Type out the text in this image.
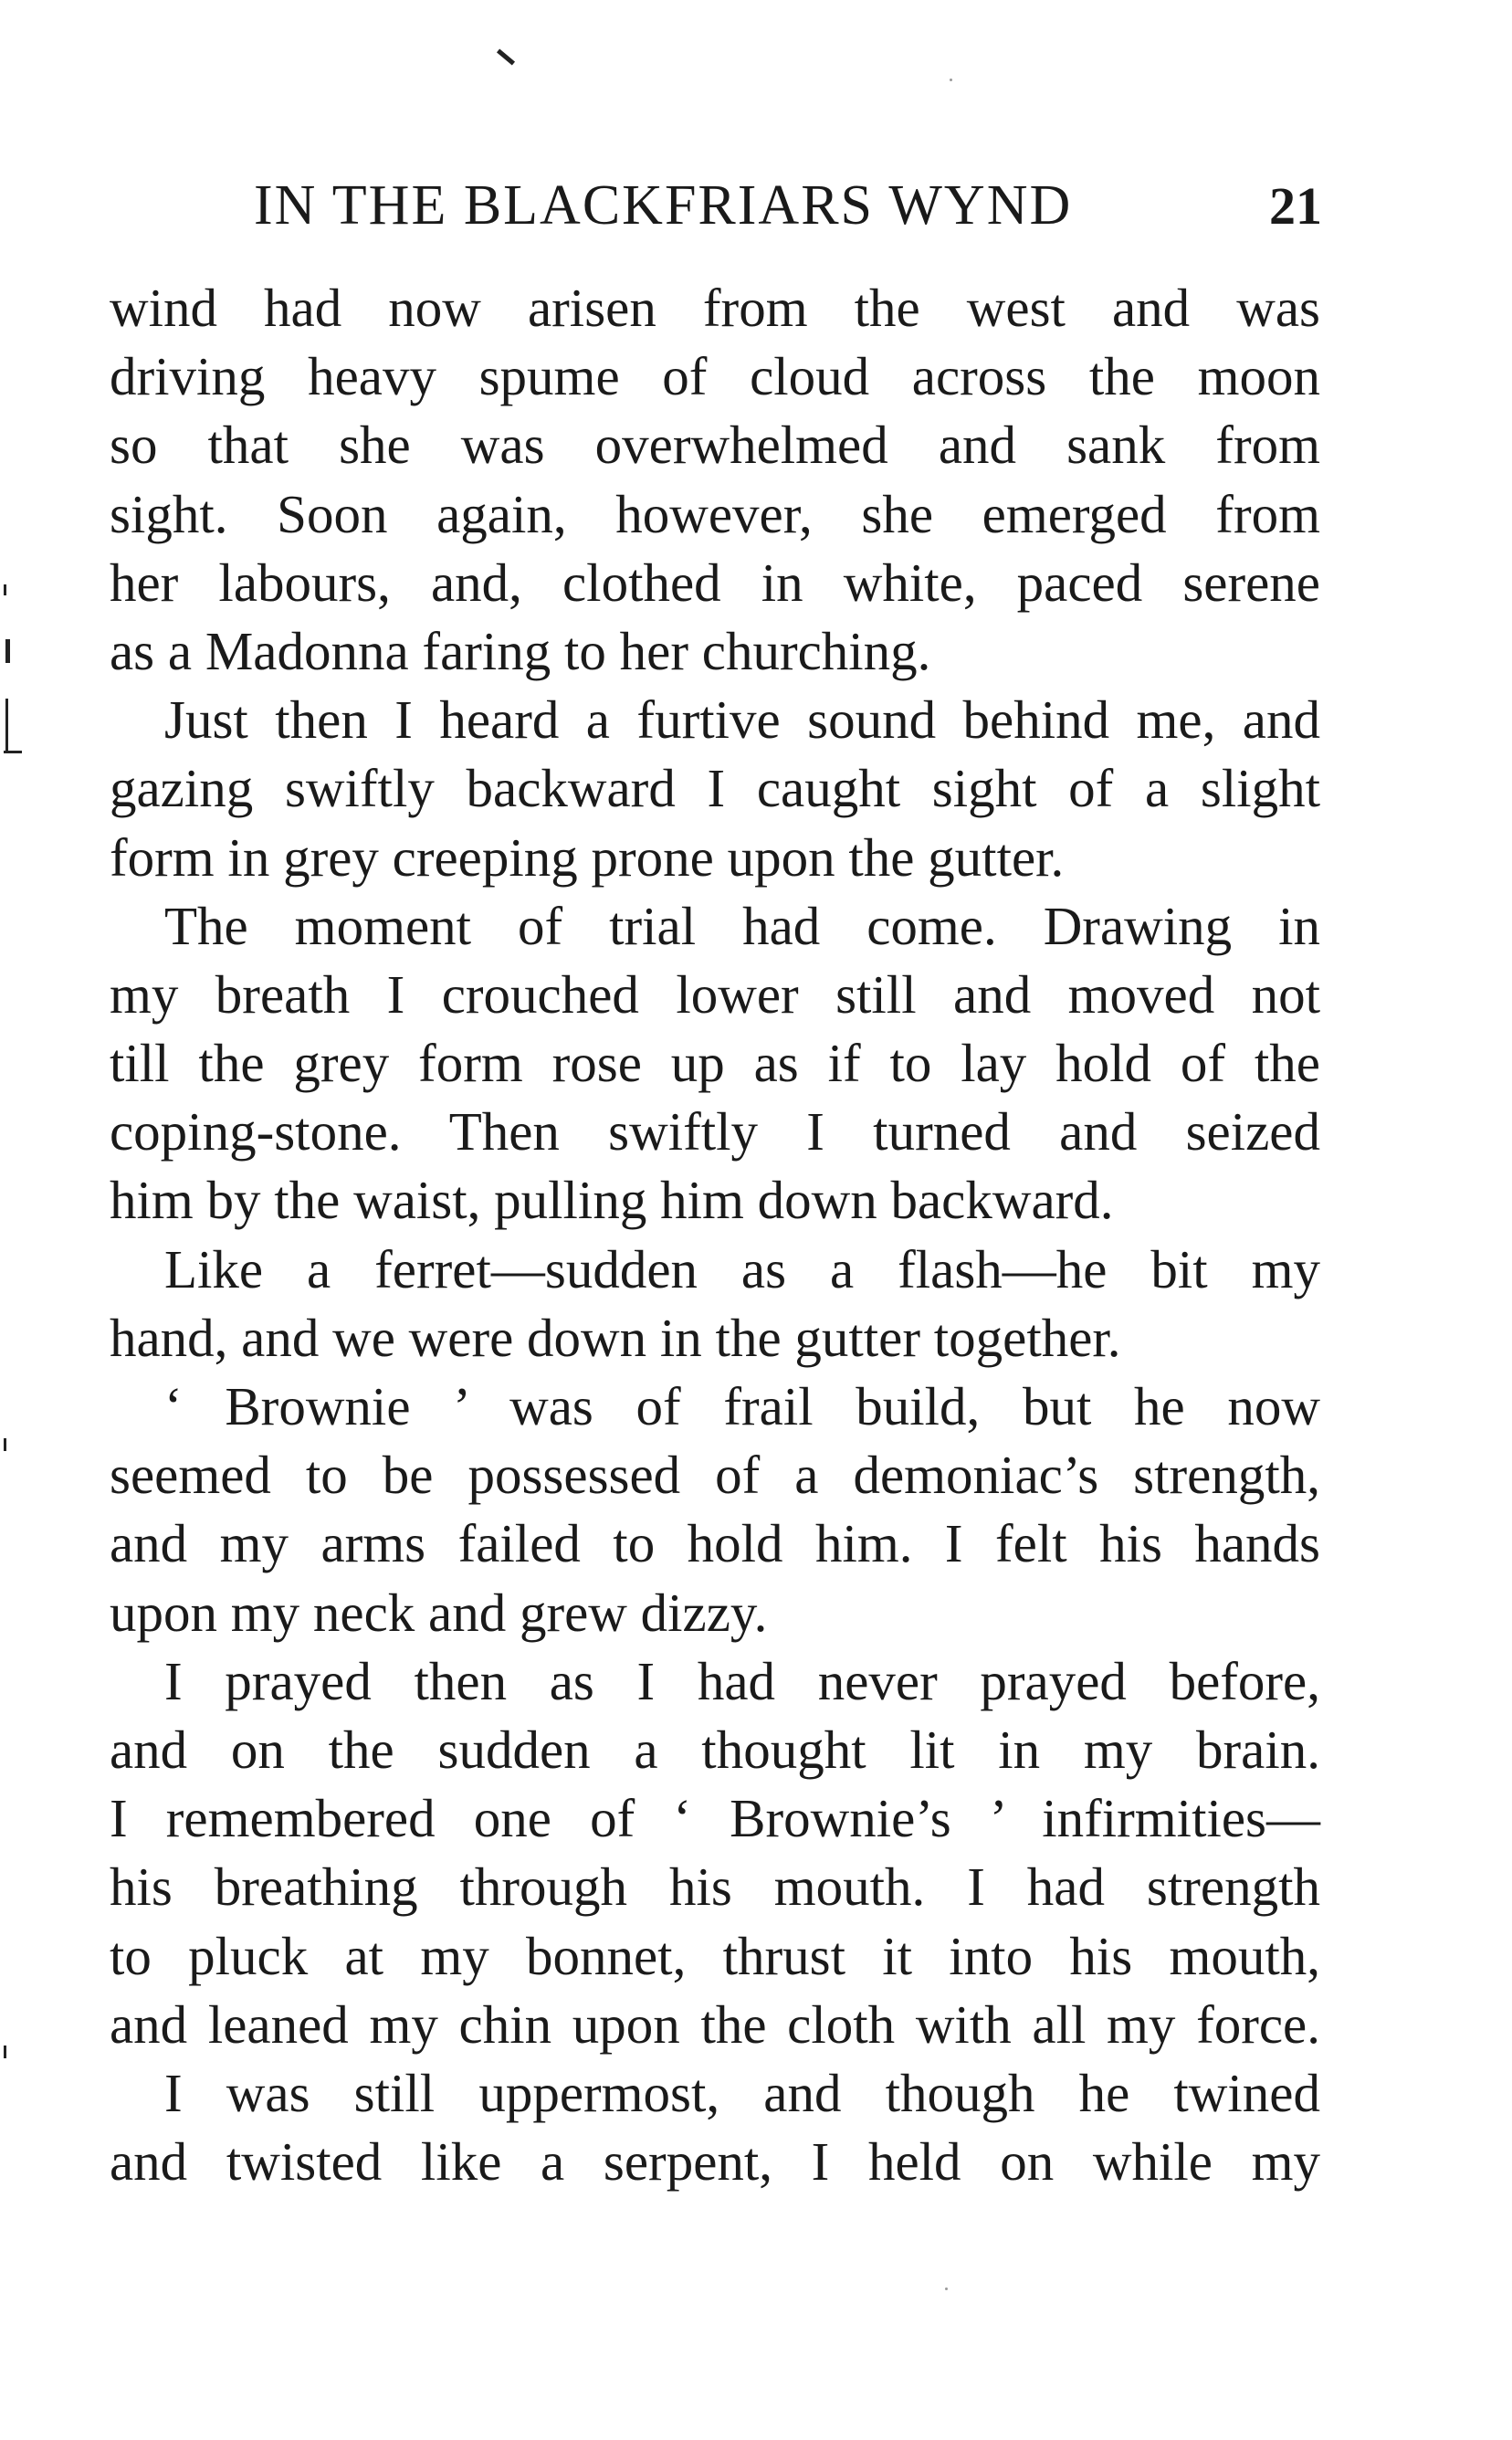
IN THE BLACKFRIARS WYND	21
wind had now arisen from the west and was
driving heavy spume of cloud across the moon
so that she was overwhelmed and sank from
sight. Soon again, however, she emerged from
her labours, and, clothed in white, paced serene
as a Madonna faring to her churching.
Just then I heard a furtive sound behind me, and
gazing swiftly backward I caught sight of a slight
form in grey creeping prone upon the gutter.
The moment of trial had come. Drawing in
my breath I crouched lower still and moved not
till the grey form rose up as if to lay hold of the
coping-stone. Then swiftly I turned and seized
him by the waist, pulling him down backward.
Like a ferret—sudden as a flash—he bit my
hand, and we were down in the gutter together.
‘ Brownie ’ was of frail build, but he now
seemed to be possessed of a demoniac’s strength,
and my arms failed to hold him. I felt his hands
upon my neck and grew dizzy.
I prayed then as I had never prayed before,
and on the sudden a thought lit in my brain.
I remembered one of ‘ Brownie’s ’ infirmities—
his breathing through his mouth. I had strength
to pluck at my bonnet, thrust it into his mouth,
and leaned my chin upon the cloth with all my force.
I was still uppermost, and though he twined
and twisted like a serpent, I held on while my
